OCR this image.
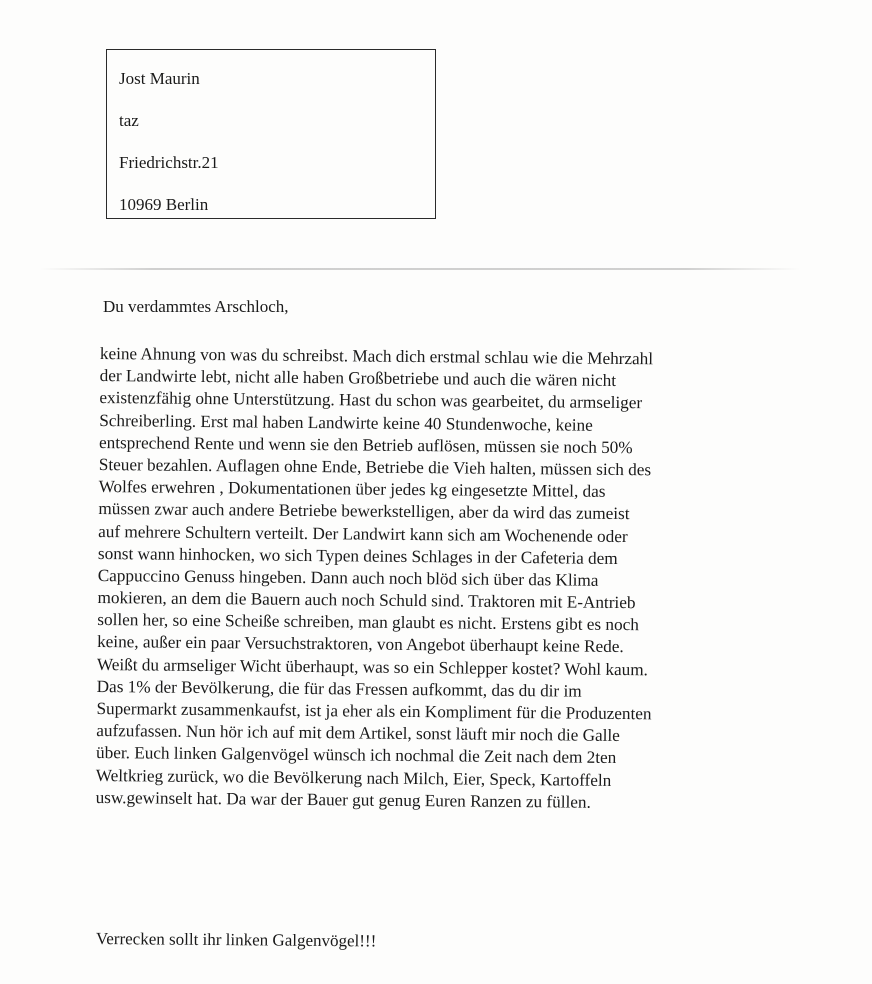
Jost Maurin
taz
Friedrichstr.21
10969 Berlin
Du verdammtes Arschloch,
keine Ahnung von was du schreibst. Mach dich erstmal schlau wie die Mehrzahl
der Landwirte lebt, nicht alle haben Großbetriebe und auch die wären nicht
existenzfähig ohne Unterstützung. Hast du schon was gearbeitet, du armseliger
Schreiberling. Erst mal haben Landwirte keine 40 Stundenwoche, keine
entsprechend Rente und wenn sie den Betrieb auflösen, müssen sie noch 50%
Steuer bezahlen. Auflagen ohne Ende, Betriebe die Vieh halten, müssen sich des
Wolfes erwehren , Dokumentationen über jedes kg eingesetzte Mittel, das
müssen zwar auch andere Betriebe bewerkstelligen, aber da wird das zumeist
auf mehrere Schultern verteilt. Der Landwirt kann sich am Wochenende oder
sonst wann hinhocken, wo sich Typen deines Schlages in der Cafeteria dem
Cappuccino Genuss hingeben. Dann auch noch blöd sich über das Klima
mokieren, an dem die Bauern auch noch Schuld sind. Traktoren mit E-Antrieb
sollen her, so eine Scheiße schreiben, man glaubt es nicht. Erstens gibt es noch
keine, außer ein paar Versuchstraktoren, von Angebot überhaupt keine Rede.
Weißt du armseliger Wicht überhaupt, was so ein Schlepper kostet? Wohl kaum.
Das 1% der Bevölkerung, die für das Fressen aufkommt, das du dir im
Supermarkt zusammenkaufst, ist ja eher als ein Kompliment für die Produzenten
aufzufassen. Nun hör ich auf mit dem Artikel, sonst läuft mir noch die Galle
über. Euch linken Galgenvögel wünsch ich nochmal die Zeit nach dem 2ten
Weltkrieg zurück, wo die Bevölkerung nach Milch, Eier, Speck, Kartoffeln
usw.gewinselt hat. Da war der Bauer gut genug Euren Ranzen zu füllen.
Verrecken sollt ihr linken Galgenvögel!!!
